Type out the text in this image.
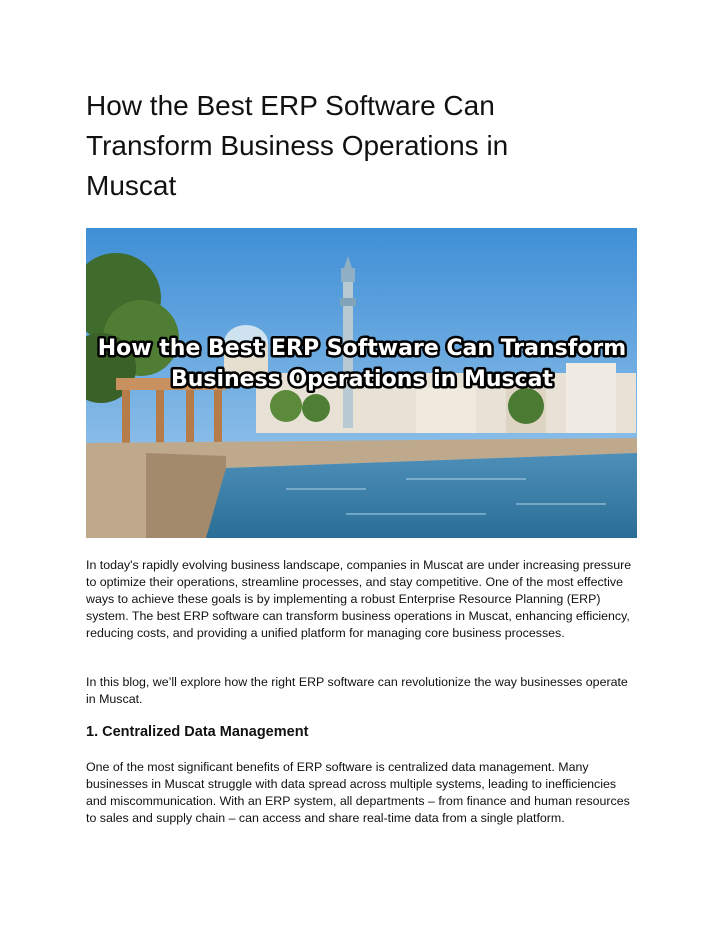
How the Best ERP Software Can Transform Business Operations in Muscat
How the Best ERP Software Can Transform
Business Operations in Muscat

In today's rapidly evolving business landscape, companies in Muscat are under increasing pressure to optimize their operations, streamline processes, and stay competitive. One of the most effective ways to achieve these goals is by implementing a robust Enterprise Resource Planning (ERP) system. The best ERP software can transform business operations in Muscat, enhancing efficiency, reducing costs, and providing a unified platform for managing core business processes.

In this blog, we’ll explore how the right ERP software can revolutionize the way businesses operate in Muscat.

1. Centralized Data Management

One of the most significant benefits of ERP software is centralized data management. Many businesses in Muscat struggle with data spread across multiple systems, leading to inefficiencies and miscommunication. With an ERP system, all departments – from finance and human resources to sales and supply chain – can access and share real-time data from a single platform.
